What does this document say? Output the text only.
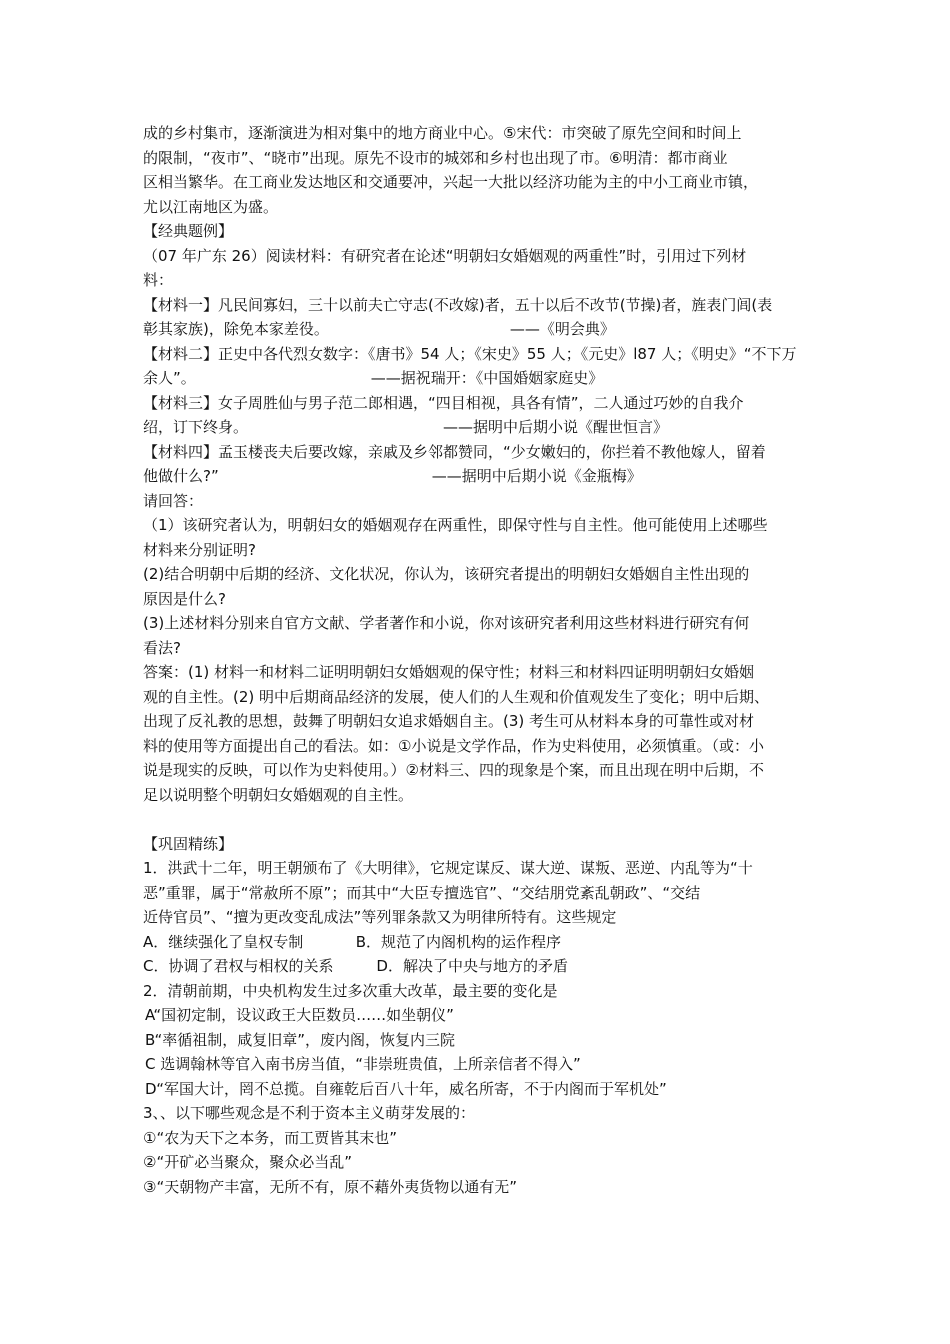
成的乡村集市，逐渐演进为相对集中的地方商业中心。⑤宋代：市突破了原先空间和时间上
的限制，“夜市”、“晓市”出现。原先不设市的城郊和乡村也出现了市。⑥明清：都市商业
区相当繁华。在工商业发达地区和交通要冲，兴起一大批以经济功能为主的中小工商业市镇，
尤以江南地区为盛。
【经典题例】
（07 年广东 26）阅读材料：有研究者在论述“明朝妇女婚姻观的两重性”时，引用过下列材
料：
【材料一】凡民间寡妇，三十以前夫亡守志(不改嫁)者，五十以后不改节(节操)者，旌表门闾(表
彰其家族)，除免本家差役。	——《明会典》
【材料二】正史中各代烈女数字：《唐书》54 人；《宋史》55 人；《元史》l87 人；《明史》“不下万
余人”。	——据祝瑞开：《中国婚姻家庭史》
【材料三】女子周胜仙与男子范二郎相遇，“四目相视，具各有情”，二人通过巧妙的自我介
绍，订下终身。	——据明中后期小说《醒世恒言》
【材料四】孟玉楼丧夫后要改嫁，亲戚及乡邻都赞同，“少女嫩妇的，你拦着不教他嫁人，留着
他做什么?”	——据明中后期小说《金瓶梅》
请回答：
（1）该研究者认为，明朝妇女的婚姻观存在两重性，即保守性与自主性。他可能使用上述哪些
材料来分别证明?
(2)结合明朝中后期的经济、文化状况，你认为，该研究者提出的明朝妇女婚姻自主性出现的
原因是什么?
(3)上述材料分别来自官方文献、学者著作和小说，你对该研究者利用这些材料进行研究有何
看法?
答案：(1) 材料一和材料二证明明朝妇女婚姻观的保守性；材料三和材料四证明明朝妇女婚姻
观的自主性。(2) 明中后期商品经济的发展，使人们的人生观和价值观发生了变化；明中后期、
出现了反礼教的思想，鼓舞了明朝妇女追求婚姻自主。(3) 考生可从材料本身的可靠性或对材
料的使用等方面提出自己的看法。如：①小说是文学作品，作为史料使用，必须慎重。（或：小
说是现实的反映，可以作为史料使用。）②材料三、四的现象是个案，而且出现在明中后期，不
足以说明整个明朝妇女婚姻观的自主性。
【巩固精练】
1．洪武十二年，明王朝颁布了《大明律》，它规定谋反、谋大逆、谋叛、恶逆、内乱等为“十
恶”重罪，属于“常赦所不原”；而其中“大臣专擅选官”、“交结朋党紊乱朝政”、“交结
近侍官员”、“擅为更改变乱成法”等列罪条款又为明律所特有。这些规定
A．继续强化了皇权专制           B．规范了内阁机构的运作程序
C．协调了君权与相权的关系         D．解决了中央与地方的矛盾
2．清朝前期，中央机构发生过多次重大改革，最主要的变化是
A“国初定制，设议政王大臣数员……如坐朝仪”
B“率循祖制，咸复旧章”，废内阁，恢复内三院
C 选调翰林等官入南书房当值，“非崇班贵值，上所亲信者不得入”
D“军国大计，罔不总揽。自雍乾后百八十年，威名所寄，不于内阁而于军机处”
3、、以下哪些观念是不利于资本主义萌芽发展的：
①“农为天下之本务，而工贾皆其末也”
②“开矿必当聚众，聚众必当乱”
③“天朝物产丰富，无所不有，原不藉外夷货物以通有无”
